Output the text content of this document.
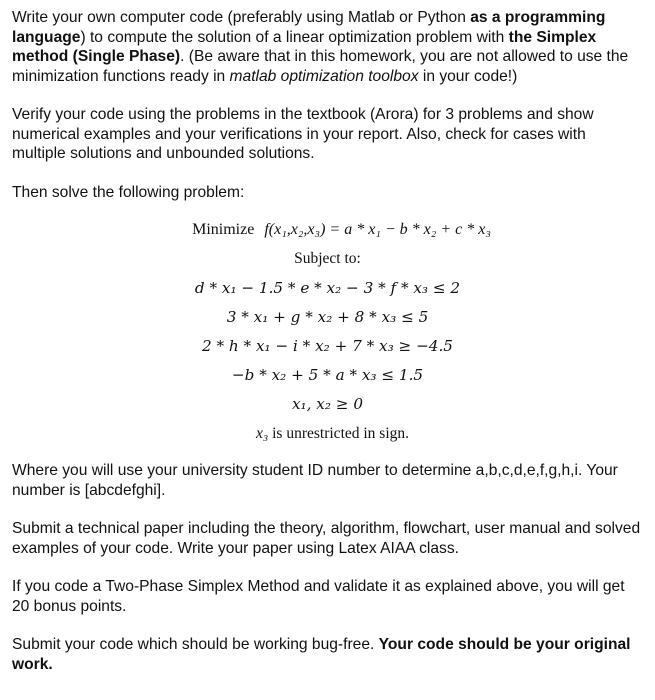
Write your own computer code (preferably using Matlab or Python as a programming language) to compute the solution of a linear optimization problem with the Simplex method (Single Phase). (Be aware that in this homework, you are not allowed to use the minimization functions ready in matlab optimization toolbox in your code!)

Verify your code using the problems in the textbook (Arora) for 3 problems and show numerical examples and your verifications in your report. Also, check for cases with multiple solutions and unbounded solutions.

Then solve the following problem:

Minimize f(x₁,x₂,x₃) = a * x₁ − b * x₂ + c * x₃
Subject to:
d * x₁ − 1.5 * e * x₂ − 3 * f * x₃ ≤ 2
3 * x₁ + g * x₂ + 8 * x₃ ≤ 5
2 * h * x₁ − i * x₂ + 7 * x₃ ≥ −4.5
−b * x₂ + 5 * a * x₃ ≤ 1.5
x₁, x₂ ≥ 0
x₃ is unrestricted in sign.

Where you will use your university student ID number to determine a,b,c,d,e,f,g,h,i. Your number is [abcdefghi].

Submit a technical paper including the theory, algorithm, flowchart, user manual and solved examples of your code. Write your paper using Latex AIAA class.

If you code a Two-Phase Simplex Method and validate it as explained above, you will get 20 bonus points.

Submit your code which should be working bug-free. Your code should be your original work.
